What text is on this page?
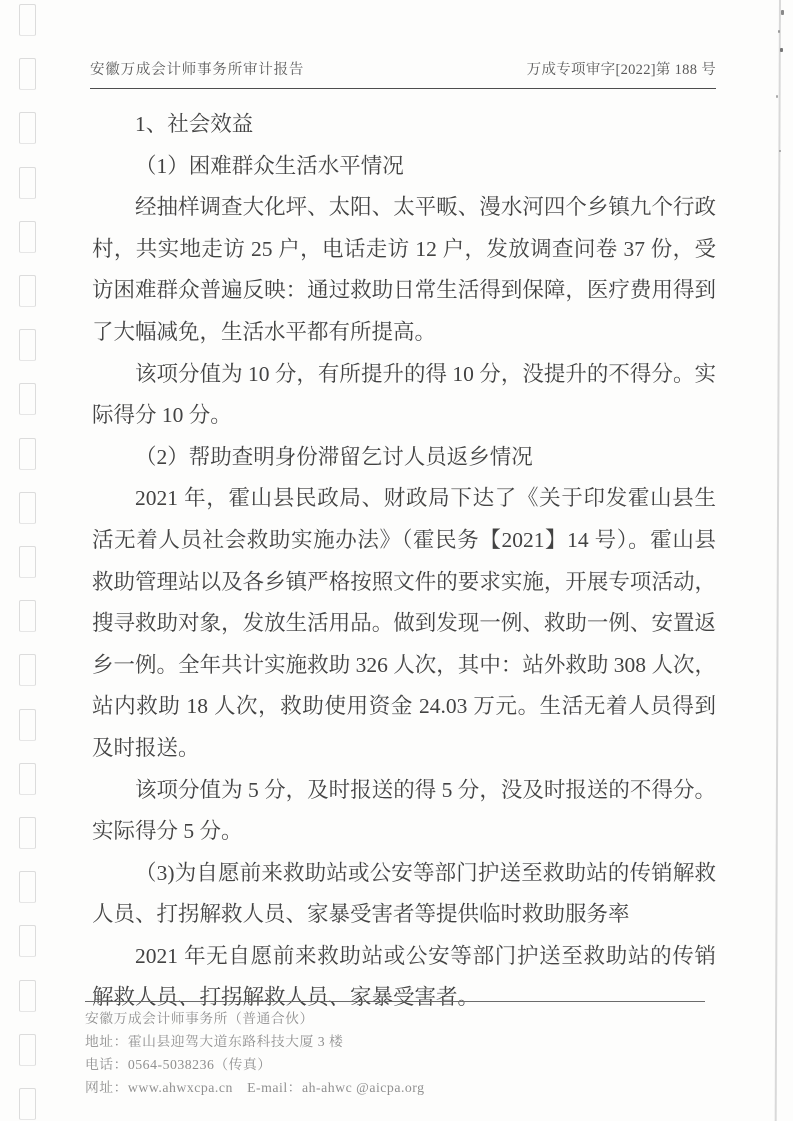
安徽万成会计师事务所审计报告	万成专项审字[2022]第 188 号

1、社会效益

（1）困难群众生活水平情况

经抽样调查大化坪、太阳、太平畈、漫水河四个乡镇九个行政村，共实地走访 25 户，电话走访 12 户，发放调查问卷 37 份，受访困难群众普遍反映：通过救助日常生活得到保障，医疗费用得到了大幅减免，生活水平都有所提高。

该项分值为 10 分，有所提升的得 10 分，没提升的不得分。实际得分 10 分。

（2）帮助查明身份滞留乞讨人员返乡情况

2021 年，霍山县民政局、财政局下达了《关于印发霍山县生活无着人员社会救助实施办法》（霍民务【2021】14 号）。霍山县救助管理站以及各乡镇严格按照文件的要求实施，开展专项活动，搜寻救助对象，发放生活用品。做到发现一例、救助一例、安置返乡一例。全年共计实施救助 326 人次，其中：站外救助 308 人次，站内救助 18 人次，救助使用资金 24.03 万元。生活无着人员得到及时报送。

该项分值为 5 分，及时报送的得 5 分，没及时报送的不得分。实际得分 5 分。

（3)为自愿前来救助站或公安等部门护送至救助站的传销解救人员、打拐解救人员、家暴受害者等提供临时救助服务率

2021 年无自愿前来救助站或公安等部门护送至救助站的传销解救人员、打拐解救人员、家暴受害者。

安徽万成会计师事务所（普通合伙）
地址：霍山县迎驾大道东路科技大厦 3 楼
电话：0564-5038236（传真）
网址：www.ahwxcpa.cn　E-mail：ah-ahwc @aicpa.org
